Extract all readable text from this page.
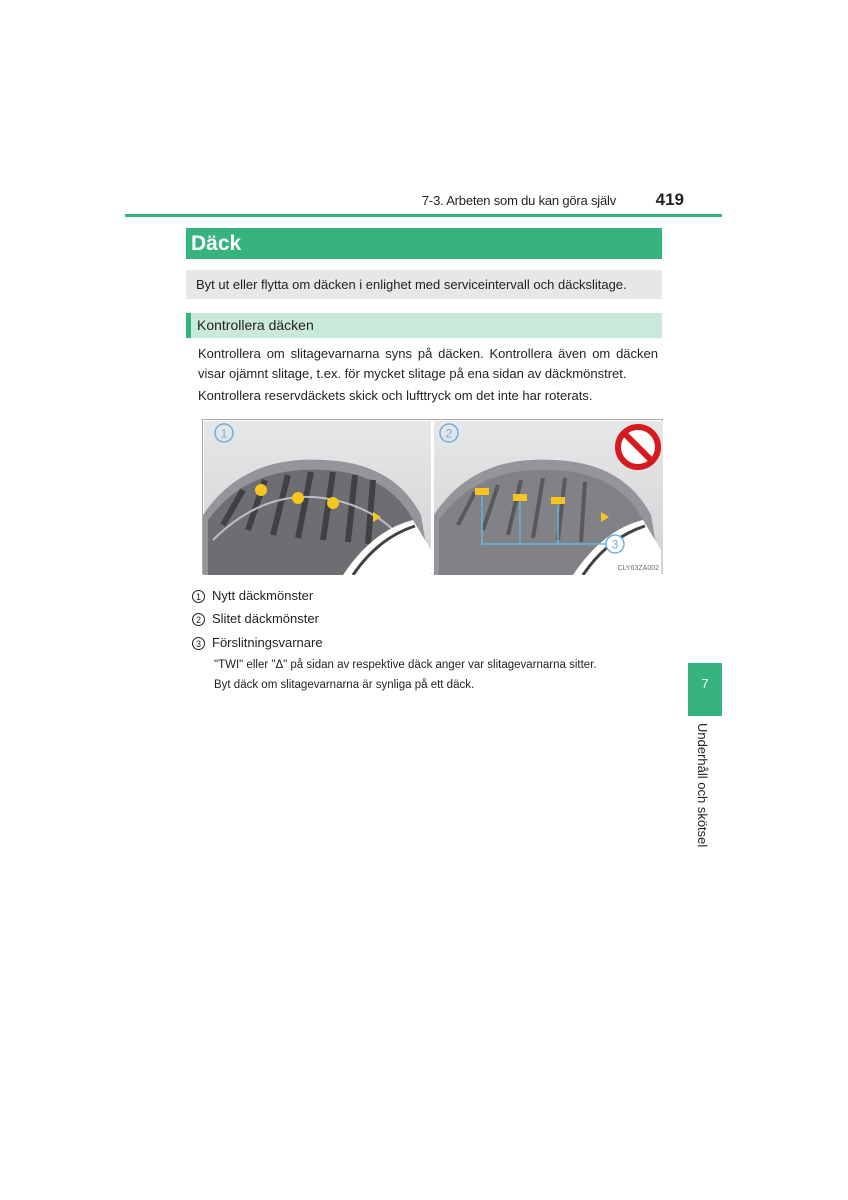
7-3. Arbeten som du kan göra själv 419
Däck
Byt ut eller flytta om däcken i enlighet med serviceintervall och däckslitage.
Kontrollera däcken
Kontrollera om slitagevarnarna syns på däcken. Kontrollera även om däcken visar ojämnt slitage, t.ex. för mycket slitage på ena sidan av däckmönstret.
Kontrollera reservdäckets skick och lufttryck om det inte har roterats.
1	2
3
CLY63ZA002
1 Nytt däckmönster
2 Slitet däckmönster
3 Förslitningsvarnare
"TWI" eller "Δ" på sidan av respektive däck anger var slitagevarnarna sitter.
Byt däck om slitagevarnarna är synliga på ett däck.	7
Underhåll och skötsel
